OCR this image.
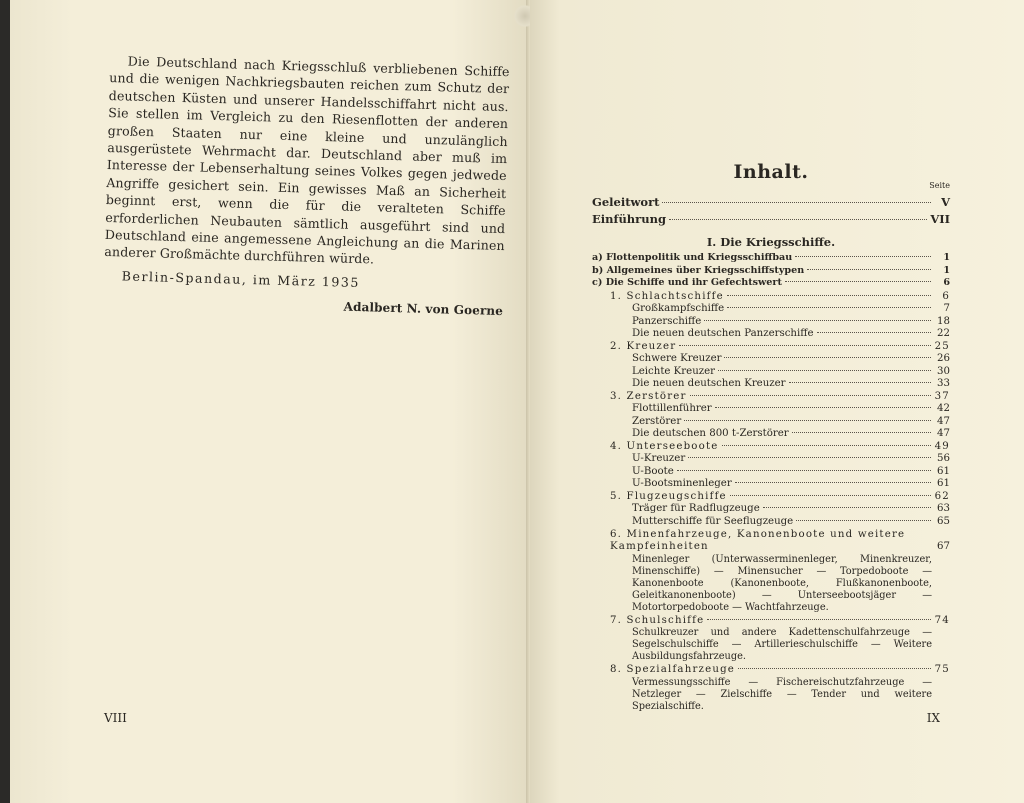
Die Deutschland nach Kriegsschluß verbliebenen Schiffe und die wenigen Nachkriegsbauten reichen zum Schutz der deutschen Küsten und unserer Handelsschiffahrt nicht aus. Sie stellen im Vergleich zu den Riesenflotten der anderen großen Staaten nur eine kleine und unzulänglich ausgerüstete Wehrmacht dar. Deutschland aber muß im Interesse der Lebenserhaltung seines Volkes gegen jedwede Angriffe gesichert sein. Ein gewisses Maß an Sicherheit beginnt erst, wenn die für die veralteten Schiffe erforderlichen Neubauten sämtlich ausgeführt sind und Deutschland eine angemessene Angleichung an die Marinen anderer Großmächte durchführen würde.

Berlin-Spandau, im März 1935
Adalbert N. von Goerne
VIII	IX
Inhalt.
Seite
Geleitwort	V
Einführung	VII
I. Die Kriegsschiffe.
a) Flottenpolitik und Kriegsschiffbau	1
b) Allgemeines über Kriegsschiffstypen	1
c) Die Schiffe und ihr Gefechtswert	6
1. Schlachtschiffe	6
Großkampfschiffe	7
Panzerschiffe	18
Die neuen deutschen Panzerschiffe	22
2. Kreuzer	25
Schwere Kreuzer	26
Leichte Kreuzer	30
Die neuen deutschen Kreuzer	33
3. Zerstörer	37
Flottillenführer	42
Zerstörer	47
Die deutschen 800 t-Zerstörer	47
4. Unterseeboote	49
U-Kreuzer	56
U-Boote	61
U-Bootsminenleger	61
5. Flugzeugschiffe	62
Träger für Radflugzeuge	63
Mutterschiffe für Seeflugzeuge	65
6. Minenfahrzeuge, Kanonenboote und weitere Kampfeinheiten	67
Minenleger (Unterwasserminenleger, Minenkreuzer, Minenschiffe) — Minensucher — Torpedoboote — Kanonenboote (Kanonenboote, Flußkanonenboote, Geleitkanonenboote) — Unterseebootsjäger — Motortorpedoboote — Wachtfahrzeuge.
7. Schulschiffe	74
Schulkreuzer und andere Kadettenschulfahrzeuge — Segelschulschiffe — Artillerieschulschiffe — Weitere Ausbildungsfahrzeuge.
8. Spezialfahrzeuge	75
Vermessungsschiffe — Fischereischutzfahrzeuge — Netzleger — Zielschiffe — Tender und weitere Spezialschiffe.
